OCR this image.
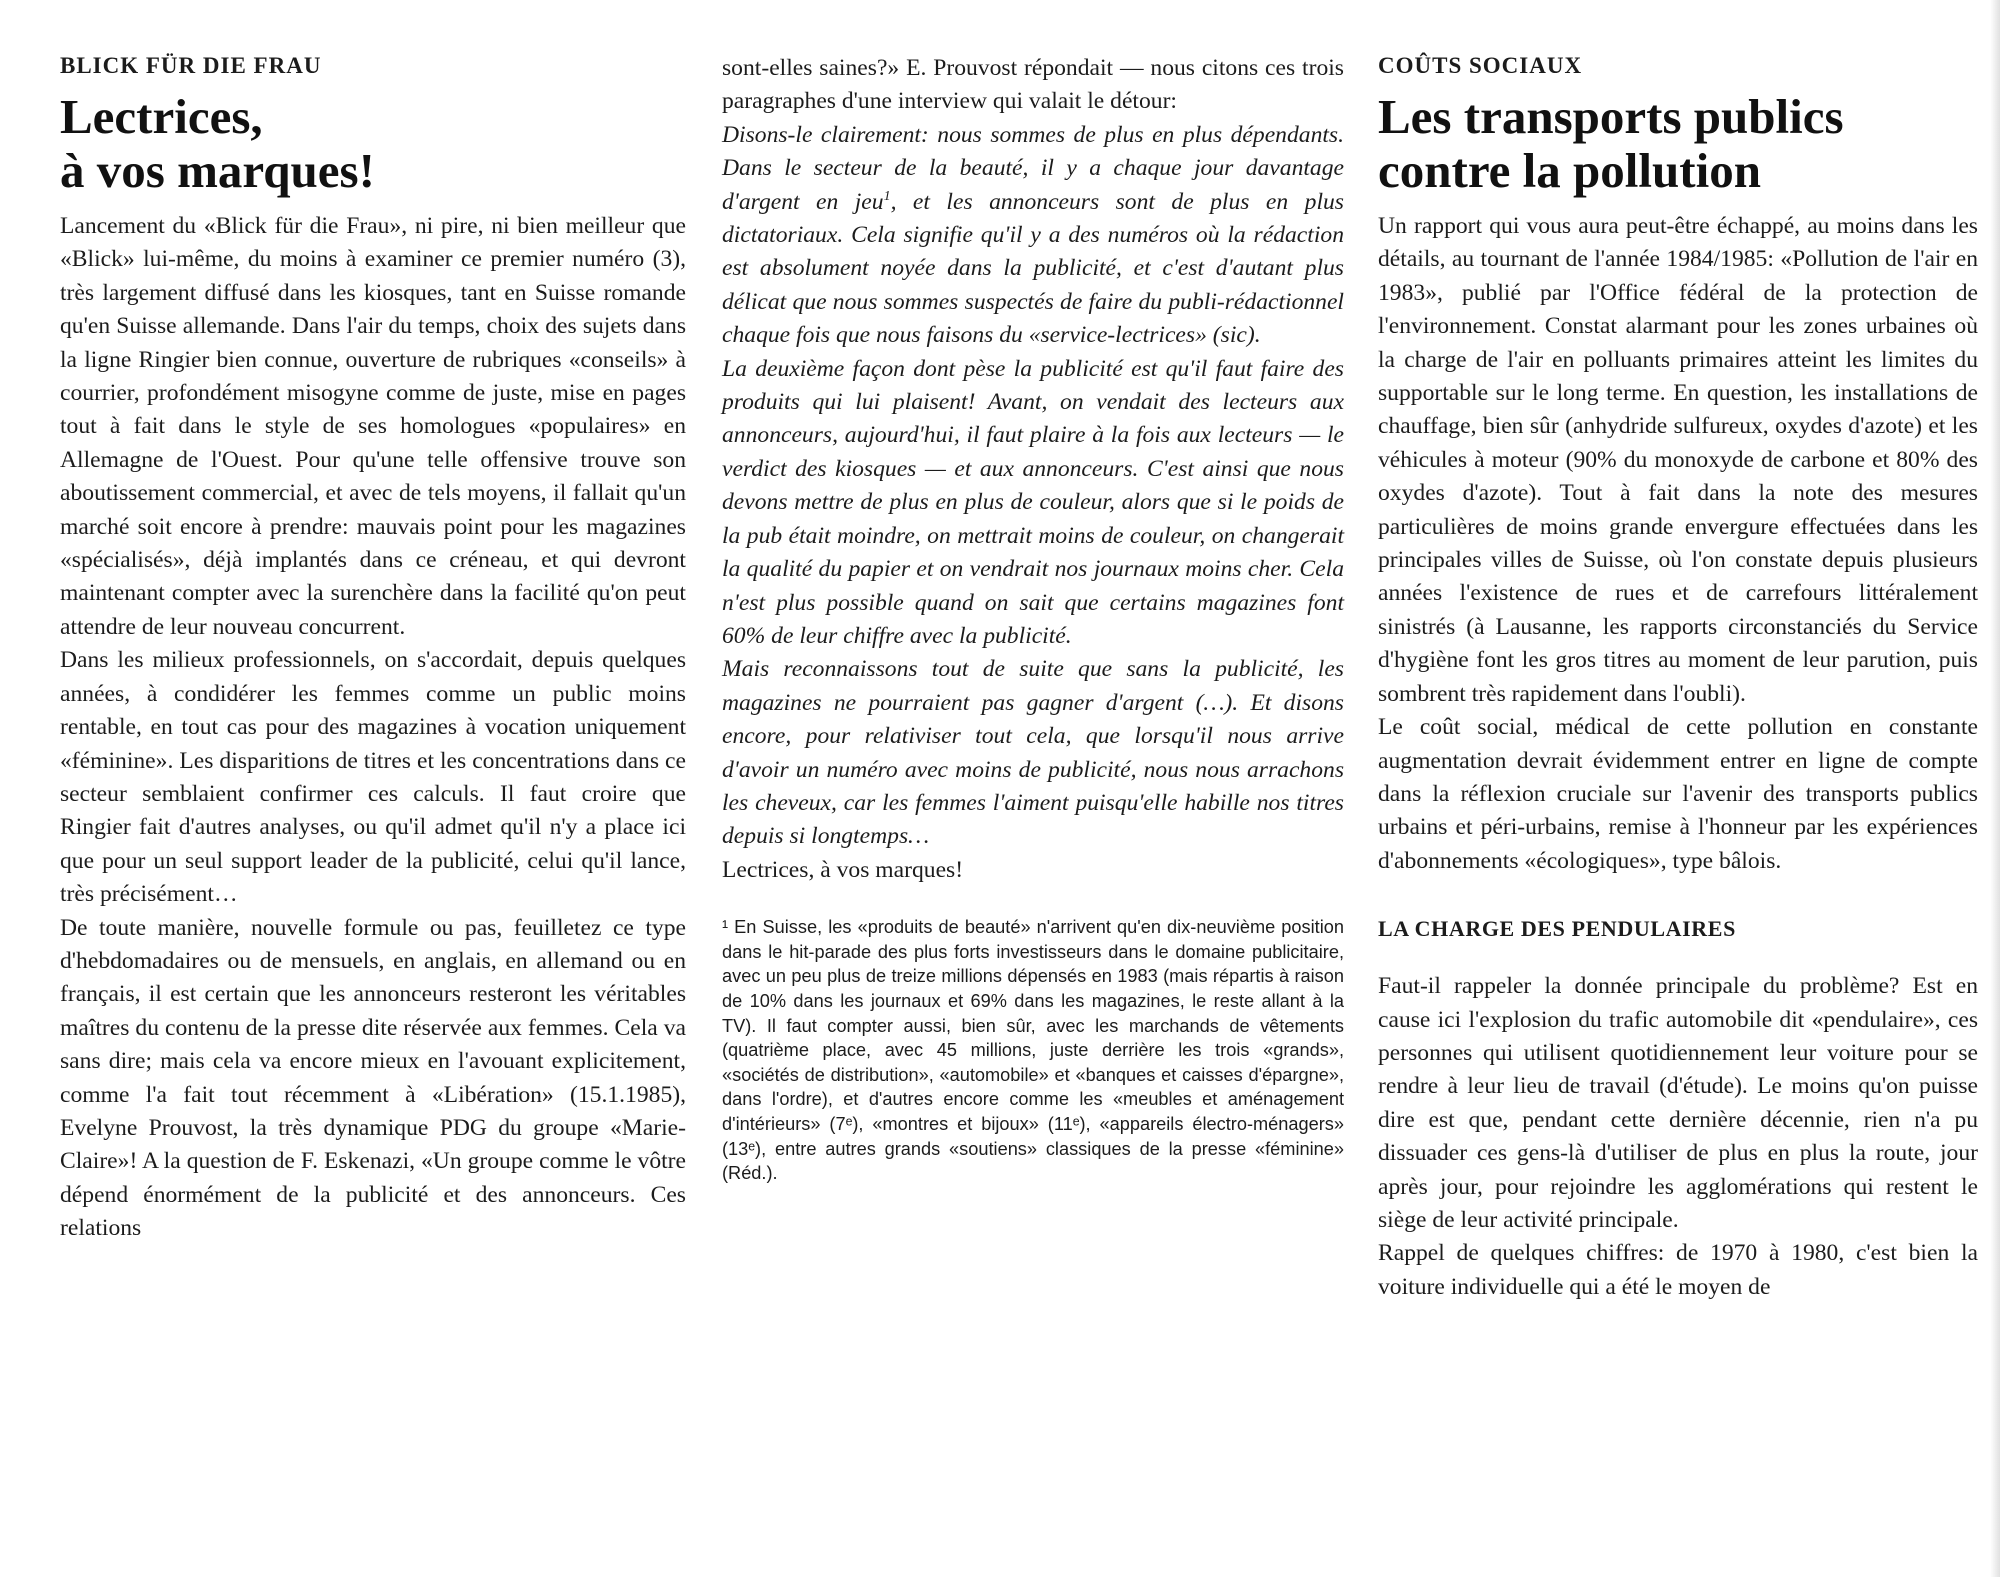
BLICK FÜR DIE FRAU

Lectrices,
à vos marques!

Lancement du «Blick für die Frau», ni pire, ni bien meilleur que «Blick» lui-même, du moins à examiner ce premier numéro (3), très largement diffusé dans les kiosques, tant en Suisse romande qu'en Suisse allemande. Dans l'air du temps, choix des sujets dans la ligne Ringier bien connue, ouverture de rubriques «conseils» à courrier, profondément misogyne comme de juste, mise en pages tout à fait dans le style de ses homologues «populaires» en Allemagne de l'Ouest. Pour qu'une telle offensive trouve son aboutissement commercial, et avec de tels moyens, il fallait qu'un marché soit encore à prendre: mauvais point pour les magazines «spécialisés», déjà implantés dans ce créneau, et qui devront maintenant compter avec la surenchère dans la facilité qu'on peut attendre de leur nouveau concurrent.

Dans les milieux professionnels, on s'accordait, depuis quelques années, à condidérer les femmes comme un public moins rentable, en tout cas pour des magazines à vocation uniquement «féminine». Les disparitions de titres et les concentrations dans ce secteur semblaient confirmer ces calculs. Il faut croire que Ringier fait d'autres analyses, ou qu'il admet qu'il n'y a place ici que pour un seul support leader de la publicité, celui qu'il lance, très précisément…

De toute manière, nouvelle formule ou pas, feuilletez ce type d'hebdomadaires ou de mensuels, en anglais, en allemand ou en français, il est certain que les annonceurs resteront les véritables maîtres du contenu de la presse dite réservée aux femmes. Cela va sans dire; mais cela va encore mieux en l'avouant explicitement, comme l'a fait tout récemment à «Libération» (15.1.1985), Evelyne Prouvost, la très dynamique PDG du groupe «Marie-Claire»! A la question de F. Eskenazi, «Un groupe comme le vôtre dépend énormément de la publicité et des annonceurs. Ces relations

sont-elles saines?» E. Prouvost répondait — nous citons ces trois paragraphes d'une interview qui valait le détour:

Disons-le clairement: nous sommes de plus en plus dépendants. Dans le secteur de la beauté, il y a chaque jour davantage d'argent en jeu$^1$, et les annonceurs sont de plus en plus dictatoriaux. Cela signifie qu'il y a des numéros où la rédaction est absolument noyée dans la publicité, et c'est d'autant plus délicat que nous sommes suspectés de faire du publi-rédactionnel chaque fois que nous faisons du «service-lectrices» (sic).

La deuxième façon dont pèse la publicité est qu'il faut faire des produits qui lui plaisent! Avant, on vendait des lecteurs aux annonceurs, aujourd'hui, il faut plaire à la fois aux lecteurs — le verdict des kiosques — et aux annonceurs. C'est ainsi que nous devons mettre de plus en plus de couleur, alors que si le poids de la pub était moindre, on mettrait moins de couleur, on changerait la qualité du papier et on vendrait nos journaux moins cher. Cela n'est plus possible quand on sait que certains magazines font 60% de leur chiffre avec la publicité.

Mais reconnaissons tout de suite que sans la publicité, les magazines ne pourraient pas gagner d'argent (…). Et disons encore, pour relativiser tout cela, que lorsqu'il nous arrive d'avoir un numéro avec moins de publicité, nous nous arrachons les cheveux, car les femmes l'aiment puisqu'elle habille nos titres depuis si longtemps…

Lectrices, à vos marques!

¹ En Suisse, les «produits de beauté» n'arrivent qu'en dix-neuvième position dans le hit-parade des plus forts investisseurs dans le domaine publicitaire, avec un peu plus de treize millions dépensés en 1983 (mais répartis à raison de 10% dans les journaux et 69% dans les magazines, le reste allant à la TV). Il faut compter aussi, bien sûr, avec les marchands de vêtements (quatrième place, avec 45 millions, juste derrière les trois «grands», «sociétés de distribution», «automobile» et «banques et caisses d'épargne», dans l'ordre), et d'autres encore comme les «meubles et aménagement d'intérieurs» (7ᵉ), «montres et bijoux» (11ᵉ), «appareils électro-ménagers» (13ᵉ), entre autres grands «soutiens» classiques de la presse «féminine» (Réd.).

COÛTS SOCIAUX

Les transports publics
contre la pollution

Un rapport qui vous aura peut-être échappé, au moins dans les détails, au tournant de l'année 1984/1985: «Pollution de l'air en 1983», publié par l'Office fédéral de la protection de l'environnement. Constat alarmant pour les zones urbaines où la charge de l'air en polluants primaires atteint les limites du supportable sur le long terme. En question, les installations de chauffage, bien sûr (anhydride sulfureux, oxydes d'azote) et les véhicules à moteur (90% du monoxyde de carbone et 80% des oxydes d'azote). Tout à fait dans la note des mesures particulières de moins grande envergure effectuées dans les principales villes de Suisse, où l'on constate depuis plusieurs années l'existence de rues et de carrefours littéralement sinistrés (à Lausanne, les rapports circonstanciés du Service d'hygiène font les gros titres au moment de leur parution, puis sombrent très rapidement dans l'oubli).

Le coût social, médical de cette pollution en constante augmentation devrait évidemment entrer en ligne de compte dans la réflexion cruciale sur l'avenir des transports publics urbains et péri-urbains, remise à l'honneur par les expériences d'abonnements «écologiques», type bâlois.

LA CHARGE DES PENDULAIRES

Faut-il rappeler la donnée principale du problème? Est en cause ici l'explosion du trafic automobile dit «pendulaire», ces personnes qui utilisent quotidiennement leur voiture pour se rendre à leur lieu de travail (d'étude). Le moins qu'on puisse dire est que, pendant cette dernière décennie, rien n'a pu dissuader ces gens-là d'utiliser de plus en plus la route, jour après jour, pour rejoindre les agglomérations qui restent le siège de leur activité principale.

Rappel de quelques chiffres: de 1970 à 1980, c'est bien la voiture individuelle qui a été le moyen de
